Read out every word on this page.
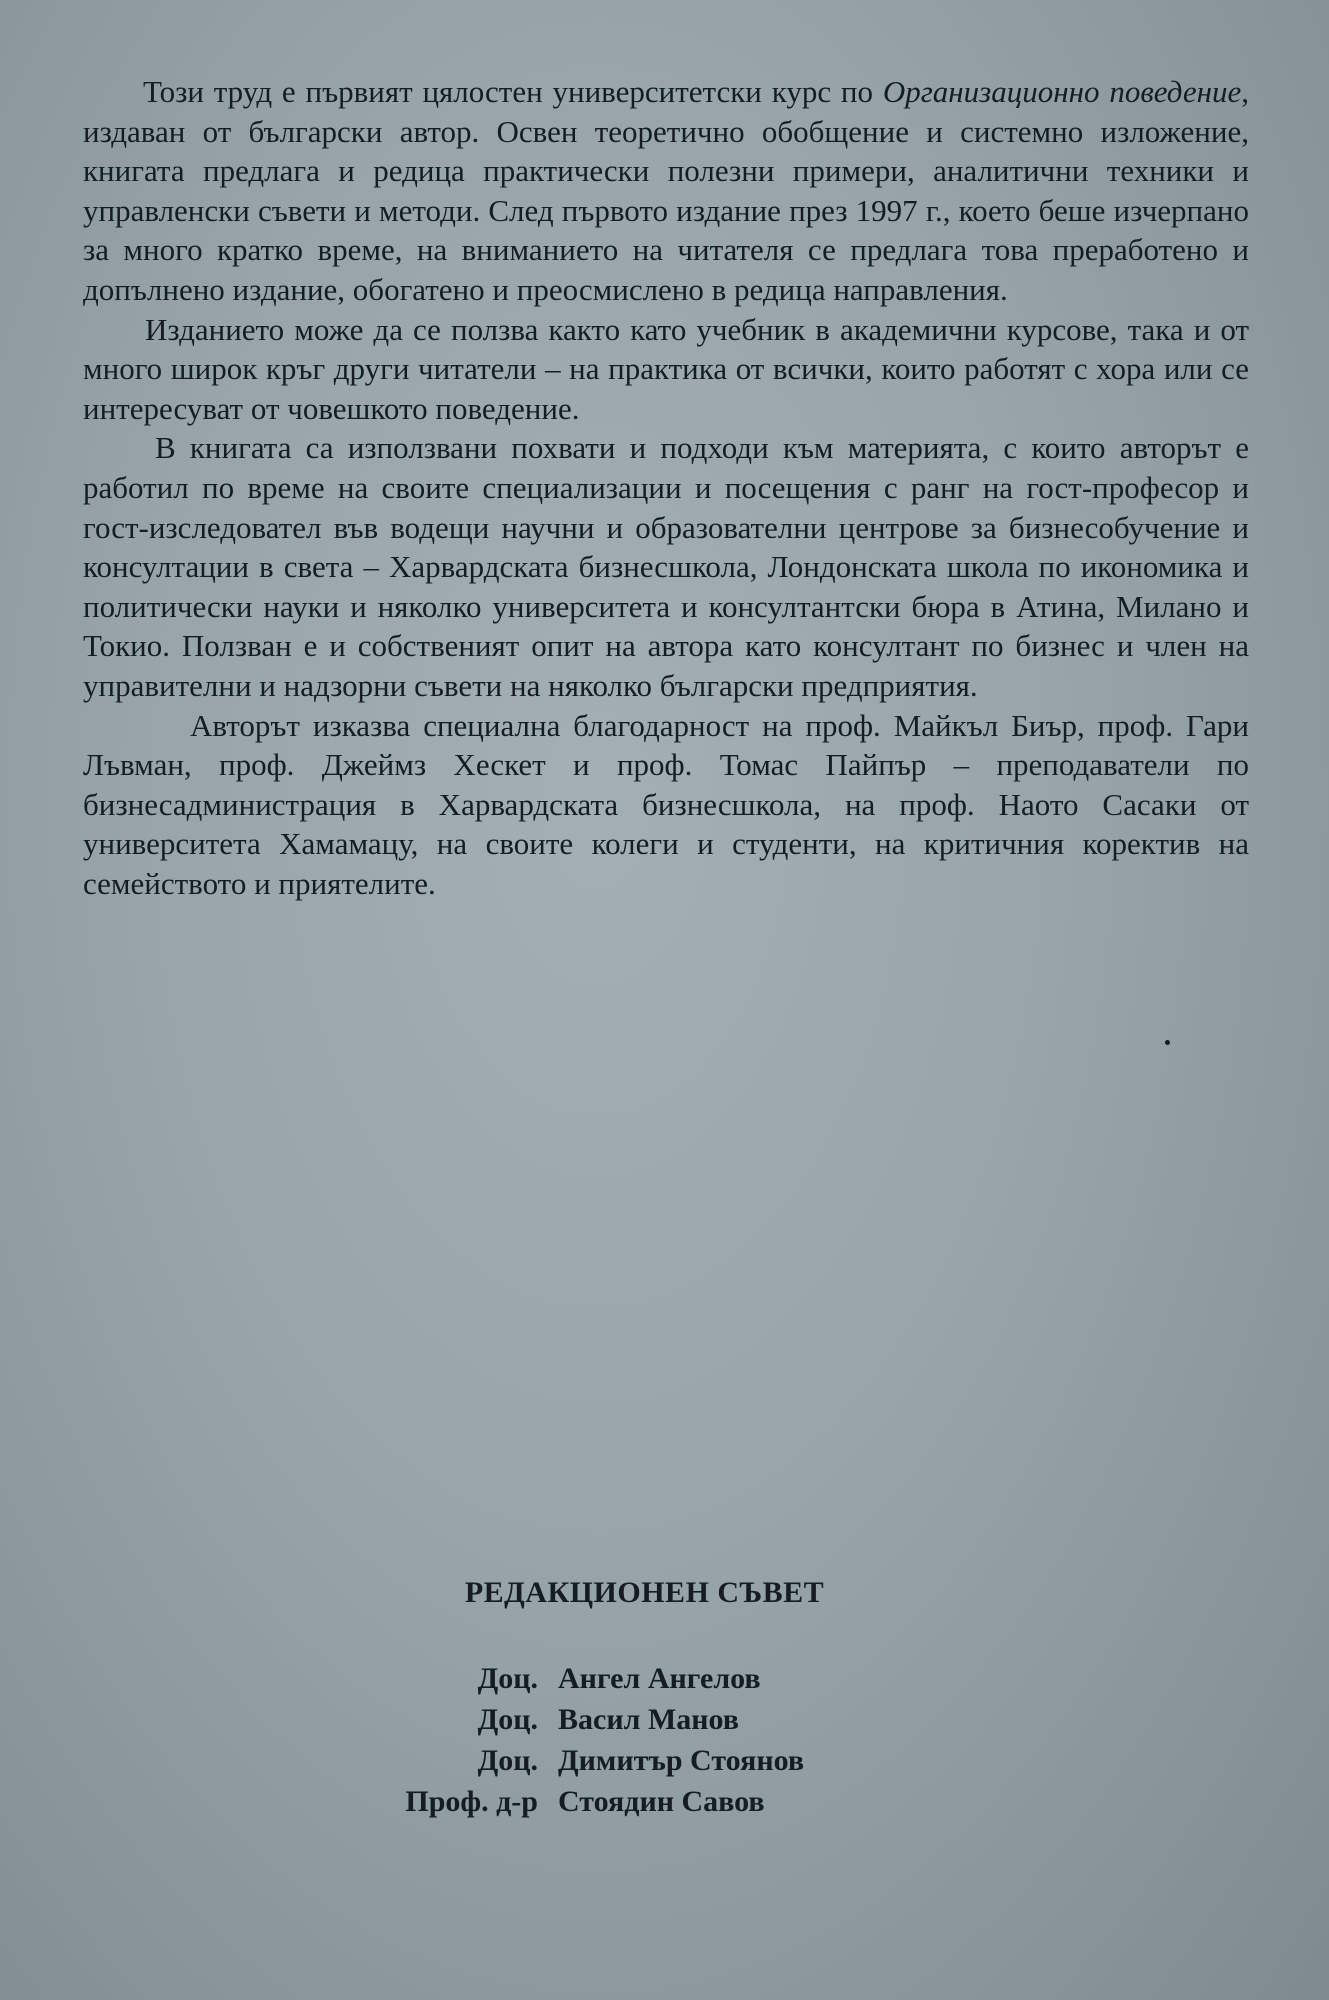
Този труд е първият цялостен университетски курс по Организационно поведение, издаван от български автор. Освен теоретично обобщение и системно изложение, книгата предлага и редица практически полезни примери, аналитични техники и управленски съвети и методи. След първото издание през 1997 г., което беше изчерпано за много кратко време, на вниманието на читателя се предлага това преработено и допълнено издание, обогатено и преосмислено в редица направления.

Изданието може да се ползва както като учебник в академични курсове, така и от много широк кръг други читатели – на практика от всички, които работят с хора или се интересуват от човешкото поведение.

В книгата са използвани похвати и подходи към материята, с които авторът е работил по време на своите специализации и посещения с ранг на гост-професор и гост-изследовател във водещи научни и образователни центрове за бизнесобучение и консултации в света – Харвардската бизнесшкола, Лондонската школа по икономика и политически науки и няколко университета и консултантски бюра в Атина, Милано и Токио. Ползван е и собственият опит на автора като консултант по бизнес и член на управителни и надзорни съвети на няколко български предприятия.

Авторът изказва специална благодарност на проф. Майкъл Биър, проф. Гари Лъвман, проф. Джеймз Хескет и проф. Томас Пайпър – преподаватели по бизнесадминистрация в Харвардската бизнесшкола, на проф. Наото Сасаки от университета Хамамацу, на своите колеги и студенти, на критичния коректив на семейството и приятелите.

РЕДАКЦИОНЕН СЪВЕТ
Доц. Ангел Ангелов
Доц. Васил Манов
Доц. Димитър Стоянов
Проф. д-р Стоядин Савов
